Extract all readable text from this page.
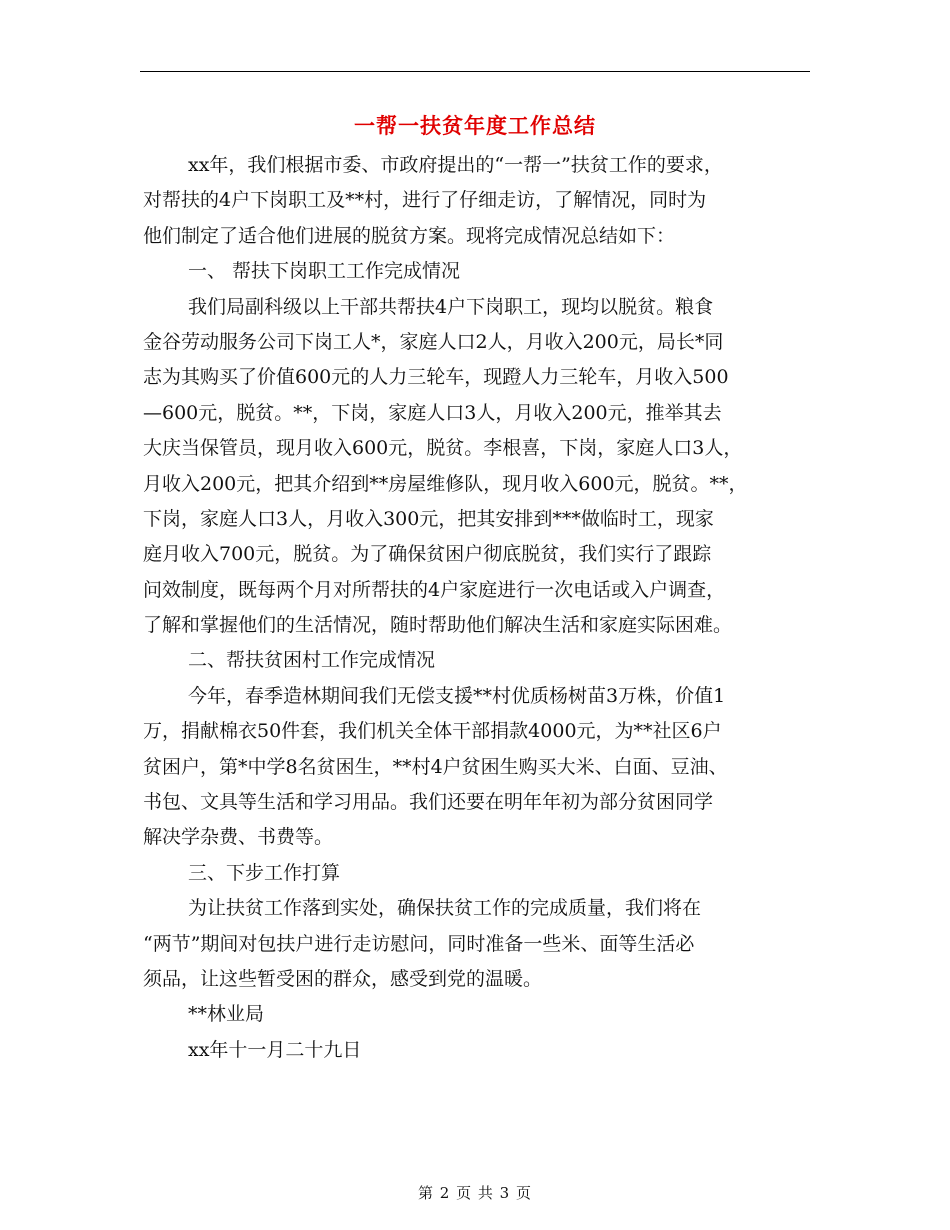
一帮一扶贫年度工作总结
xx年，我们根据市委、市政府提出的“一帮一”扶贫工作的要求，
对帮扶的4户下岗职工及**村，进行了仔细走访，了解情况，同时为
他们制定了适合他们进展的脱贫方案。现将完成情况总结如下：
一、 帮扶下岗职工工作完成情况
我们局副科级以上干部共帮扶4户下岗职工，现均以脱贫。粮食
金谷劳动服务公司下岗工人*，家庭人口2人，月收入200元，局长*同
志为其购买了价值600元的人力三轮车，现蹬人力三轮车，月收入500
—600元，脱贫。**，下岗，家庭人口3人，月收入200元，推举其去
大庆当保管员，现月收入600元，脱贫。李根喜，下岗，家庭人口3人，
月收入200元，把其介绍到**房屋维修队，现月收入600元，脱贫。**，
下岗，家庭人口3人，月收入300元，把其安排到***做临时工，现家
庭月收入700元，脱贫。为了确保贫困户彻底脱贫，我们实行了跟踪
问效制度，既每两个月对所帮扶的4户家庭进行一次电话或入户调查，
了解和掌握他们的生活情况，随时帮助他们解决生活和家庭实际困难。
二、帮扶贫困村工作完成情况
今年，春季造林期间我们无偿支援**村优质杨树苗3万株，价值1
万，捐献棉衣50件套，我们机关全体干部捐款4000元，为**社区6户
贫困户，第*中学8名贫困生，**村4户贫困生购买大米、白面、豆油、
书包、文具等生活和学习用品。我们还要在明年年初为部分贫困同学
解决学杂费、书费等。
三、下步工作打算
为让扶贫工作落到实处，确保扶贫工作的完成质量，我们将在
“两节”期间对包扶户进行走访慰问，同时准备一些米、面等生活必
须品，让这些暂受困的群众，感受到党的温暖。
**林业局
xx年十一月二十九日
第 2 页 共 3 页
